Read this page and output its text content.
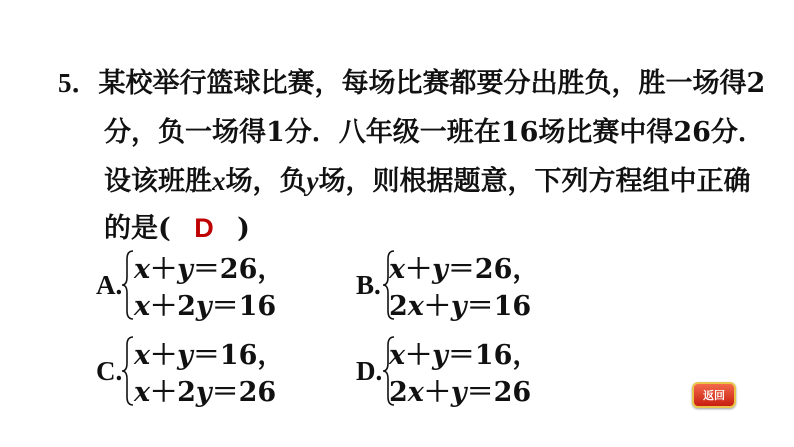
5．某校举行篮球比赛，每场比赛都要分出胜负，胜一场得2
分，负一场得1分．八年级一班在16场比赛中得26分．
设该班胜x场，负y场，则根据题意，下列方程组中正确
的是( D )
A. x＋y＝26，
x＋2y＝16
B. x＋y＝26，
2x＋y＝16
C. x＋y＝16，
x＋2y＝26
D. x＋y＝16，
2x＋y＝26	返回
